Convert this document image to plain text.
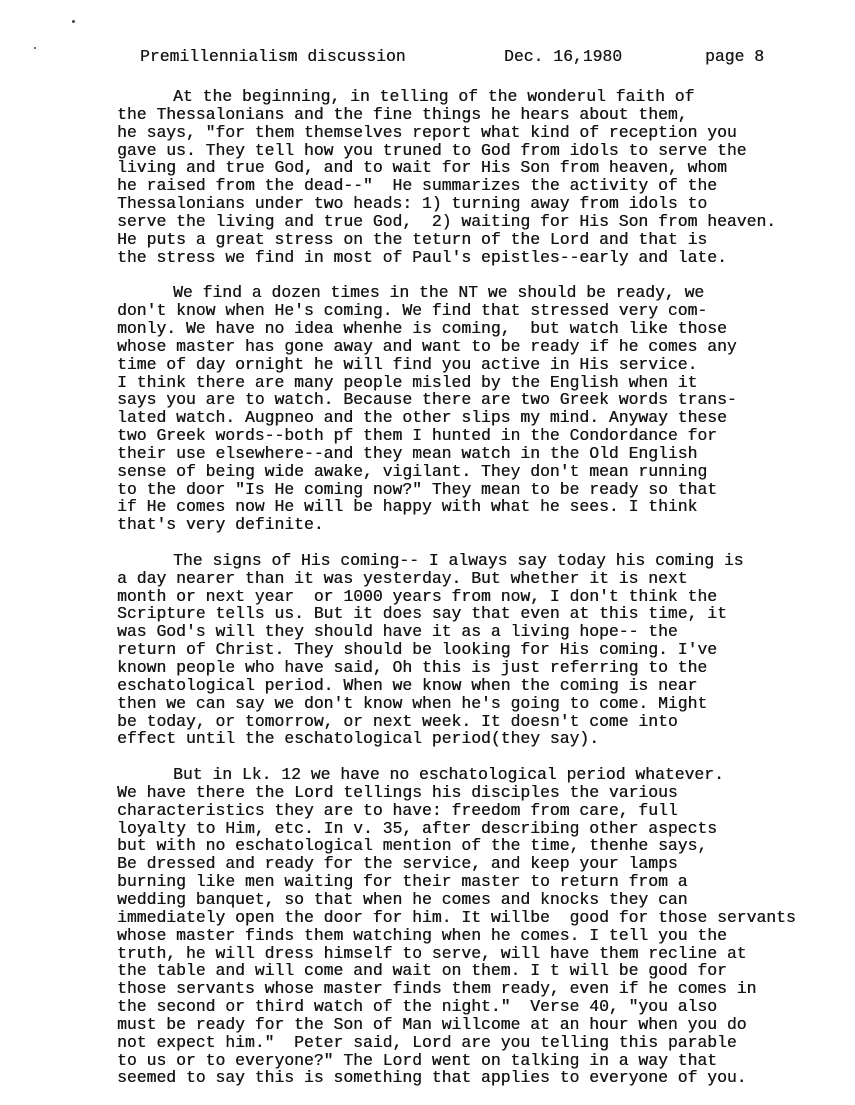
Premillennialism discussion

	Dec. 16,1980

	page 8

At the beginning, in telling of the wonderul faith of
the Thessalonians and the fine things he hears about them,
he says, "for them themselves report what kind of reception you
gave us. They tell how you truned to God from idols to serve the
living and true God, and to wait for His Son from heaven, whom
he raised from the dead--"  He summarizes the activity of the
Thessalonians under two heads: 1) turning away from idols to
serve the living and true God,  2) waiting for His Son from heaven.
He puts a great stress on the teturn of the Lord and that is
the stress we find in most of Paul's epistles--early and late.
We find a dozen times in the NT we should be ready, we
don't know when He's coming. We find that stressed very com-
monly. We have no idea whenhe is coming,  but watch like those
whose master has gone away and want to be ready if he comes any
time of day ornight he will find you active in His service.
I think there are many people misled by the English when it
says you are to watch. Because there are two Greek words trans-
lated watch. Augpneo and the other slips my mind. Anyway these
two Greek words--both pf them I hunted in the Condordance for
their use elsewhere--and they mean watch in the Old English
sense of being wide awake, vigilant. They don't mean running
to the door "Is He coming now?" They mean to be ready so that
if He comes now He will be happy with what he sees. I think
that's very definite.
The signs of His coming-- I always say today his coming is
a day nearer than it was yesterday. But whether it is next
month or next year  or 1000 years from now, I don't think the
Scripture tells us. But it does say that even at this time, it
was God's will they should have it as a living hope-- the
return of Christ. They should be looking for His coming. I've
known people who have said, Oh this is just referring to the
eschatological period. When we know when the coming is near
then we can say we don't know when he's going to come. Might
be today, or tomorrow, or next week. It doesn't come into
effect until the eschatological period(they say).
But in Lk. 12 we have no eschatological period whatever.
We have there the Lord tellings his disciples the various
characteristics they are to have: freedom from care, full
loyalty to Him, etc. In v. 35, after describing other aspects
but with no eschatological mention of the time, thenhe says,
Be dressed and ready for the service, and keep your lamps
burning like men waiting for their master to return from a
wedding banquet, so that when he comes and knocks they can
immediately open the door for him. It willbe  good for those servants
whose master finds them watching when he comes. I tell you the
truth, he will dress himself to serve, will have them recline at
the table and will come and wait on them. I t will be good for
those servants whose master finds them ready, even if he comes in
the second or third watch of the night."  Verse 40, "you also
must be ready for the Son of Man willcome at an hour when you do
not expect him."  Peter said, Lord are you telling this parable
to us or to everyone?" The Lord went on talking in a way that
seemed to say this is something that applies to everyone of you.
